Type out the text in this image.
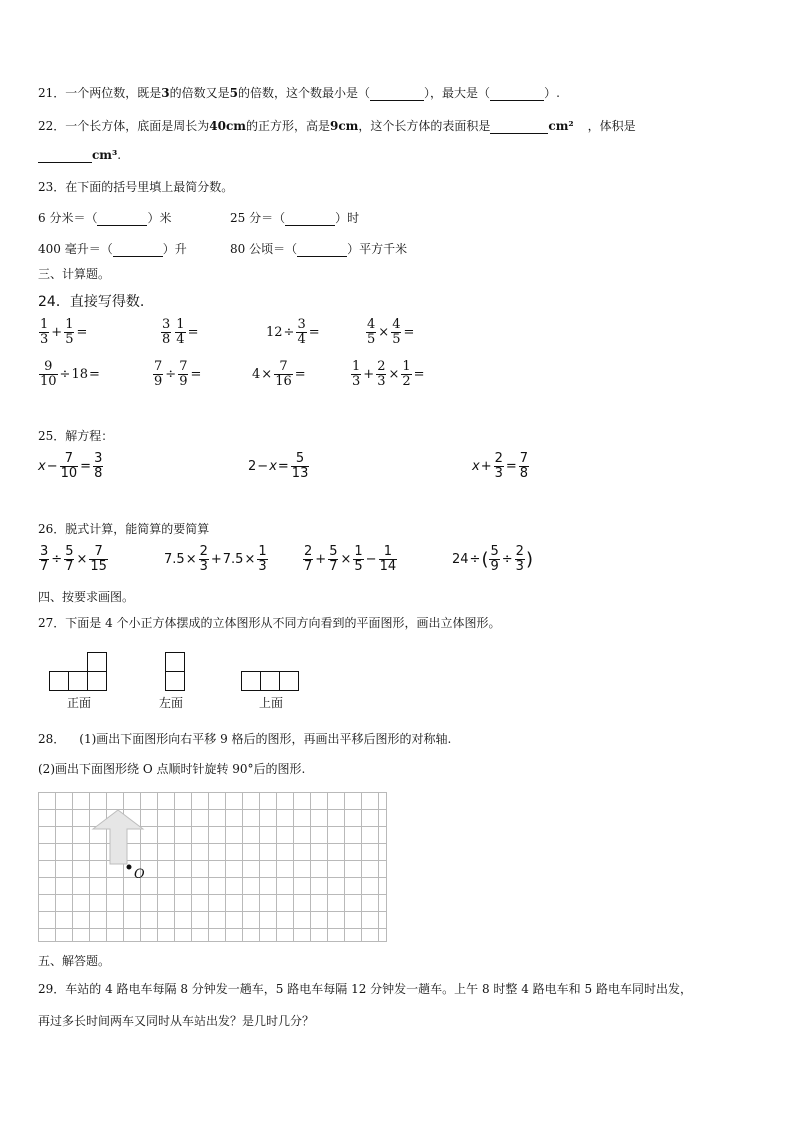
21．一个两位数，既是3的倍数又是5的倍数，这个数最小是（	），最大是（	）.
22．一个长方体，底面是周长为40cm的正方形，高是9cm，这个长方体的表面积是	cm² ，体积是
cm³.
23．在下面的括号里填上最简分数。
6 分米＝（	）米	25 分＝（	）时
400 毫升＝（	）升	80 公顷＝（	）平方千米
三、计算题。
24．直接写得数.
$\frac{1}{3} + \frac{1}{5}$ =	$\frac{3}{8} \frac{1}{4}$ =	$12 \div \frac{3}{4}$ =	$\frac{4}{5} \times \frac{4}{5}$ =
$\frac{9}{10} \div 18$ =	$\frac{7}{9} \div \frac{7}{9}$ =	$4 \times \frac{7}{16}$ =	$\frac{1}{3} + \frac{2}{3} \times \frac{1}{2}$ =
25．解方程：
$x - \frac{7}{10} = \frac{3}{8}$	$2 - x = \frac{5}{13}$	$x + \frac{2}{3} = \frac{7}{8}$
26．脱式计算，能简算的要简算
$\frac{3}{7} \div \frac{5}{7} \times \frac{7}{15}$	$7.5 \times \frac{2}{3} + 7.5 \times \frac{1}{3}$	$\frac{2}{7} + \frac{5}{7} \times \frac{1}{5} - \frac{1}{14}$	24 ÷ ( $\frac{5}{9} \div \frac{2}{3}$ )
四、按要求画图。
27．下面是 4 个小正方体摆成的立体图形从不同方向看到的平面图形，画出立体图形。
正面	左面	上面
28． (1)画出下面图形向右平移 9 格后的图形，再画出平移后图形的对称轴.
(2)画出下面图形绕 O 点顺时针旋转 90°后的图形.
O
五、解答题。
29．车站的 4 路电车每隔 8 分钟发一趟车，5 路电车每隔 12 分钟发一趟车。上午 8 时整 4 路电车和 5 路电车同时出发，
再过多长时间两车又同时从车站出发？是几时几分？
